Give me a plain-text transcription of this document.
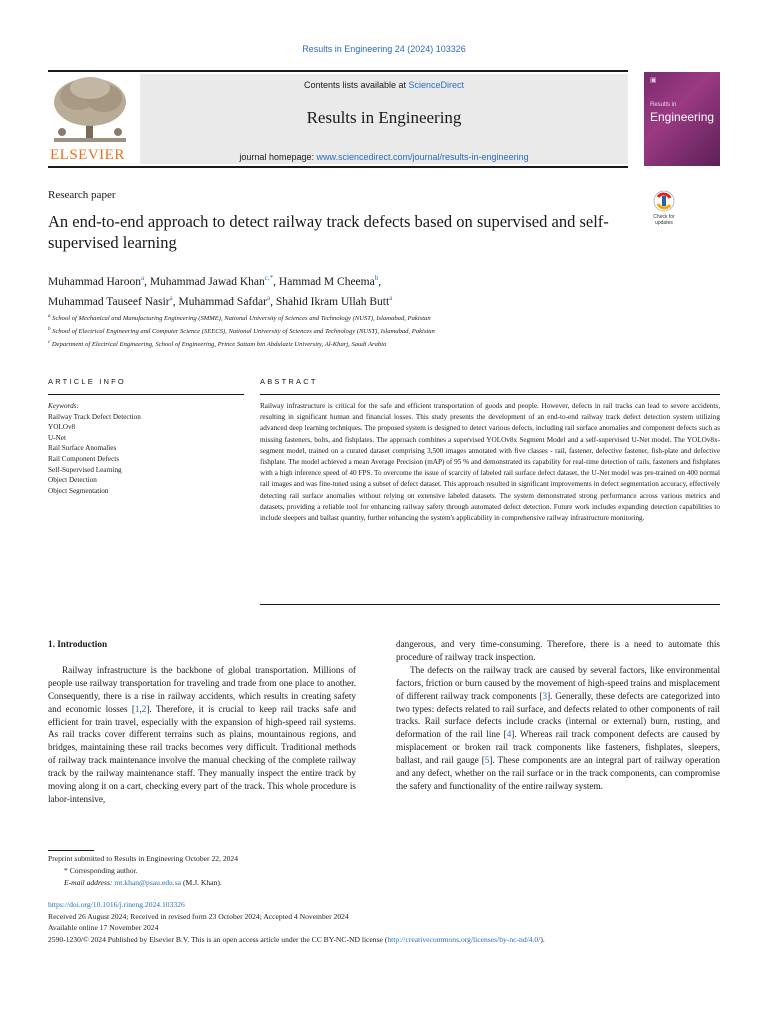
Results in Engineering 24 (2024) 103326
ELSEVIER
Contents lists available at ScienceDirect
Results in Engineering
journal homepage: www.sciencedirect.com/journal/results-in-engineering
▣
Results in
Engineering
Research paper
An end-to-end approach to detect railway track defects based on supervised and self-supervised learning
Check for updates
Muhammad Haroon$^a$, Muhammad Jawad Khan$^{c,*}$, Hammad M Cheema$^b$,
Muhammad Tauseef Nasir$^a$, Muhammad Safdar$^a$, Shahid Ikram Ullah Butt$^a$
$^a$ School of Mechanical and Manufacturing Engineering (SMME), National University of Sciences and Technology (NUST), Islamabad, Pakistan
$^b$ School of Electrical Engineering and Computer Science (SEECS), National University of Sciences and Technology (NUST), Islamabad, Pakistan
$^c$ Department of Electrical Engineering, School of Engineering, Prince Sattam bin Abdulaziz University, Al-Kharj, Saudi Arabia
ARTICLE INFO
Keywords:
Railway Track Defect Detection
YOLOv8
U-Net
Rail Surface Anomalies
Rail Component Defects
Self-Supervised Learning
Object Detection
Object Segmentation
ABSTRACT
Railway infrastructure is critical for the safe and efficient transportation of goods and people. However, defects in rail tracks can lead to severe accidents, resulting in significant human and financial losses. This study presents the development of an end-to-end railway track defect detection system utilizing advanced deep learning techniques. The proposed system is designed to detect various defects, including rail surface anomalies and component defects such as missing fasteners, bolts, and fishplates. The approach combines a supervised YOLOv8x Segment Model and a self-supervised U-Net model. The YOLOv8x-segment model, trained on a curated dataset comprising 3,500 images annotated with five classes - rail, fastener, defective fastener, fish-plate and defective fishplate. The model achieved a mean Average Precision (mAP) of 95 % and demonstrated its capability for real-time detection of rails, fasteners and fishplates with a high inference speed of 40 FPS. To overcome the issue of scarcity of labeled rail surface defect dataset, the U-Net model was pre-trained on 400 normal rail images and was fine-tuned using a subset of defect dataset. This approach resulted in significant improvements in defect segmentation accuracy, effectively detecting rail surface anomalies without relying on extensive labeled datasets. The system demonstrated strong performance across various metrics and datasets, providing a reliable tool for enhancing railway safety through automated defect detection. Future work includes expanding detection capabilities to include sleepers and ballast quantity, further enhancing the system's applicability in comprehensive railway infrastructure monitoring.
1. Introduction

Railway infrastructure is the backbone of global transportation. Millions of people use railway transportation for traveling and trade from one place to another. Consequently, there is a rise in railway accidents, which results in creating safety and economic losses [1,2]. Therefore, it is crucial to keep rail tracks safe and efficient for train travel, especially with the expansion of high-speed rail systems. As rail tracks cover different terrains such as plains, mountainous regions, and bridges, maintaining these rail tracks becomes very difficult. Traditional methods of railway track maintenance involve the manual checking of the complete railway track by the railway maintenance staff. They manually inspect the entire track by moving along it on a cart, checking every part of the track. This whole procedure is labor-intensive,

dangerous, and very time-consuming. Therefore, there is a need to automate this procedure of railway track inspection.

The defects on the railway track are caused by several factors, like environmental factors, friction or burn caused by the movement of high-speed trains and misplacement of different railway track components [3]. Generally, these defects are categorized into two types: defects related to rail surface, and defects related to other components of rail tracks. Rail surface defects include cracks (internal or external) burn, rusting, and deformation of the rail line [4]. Whereas rail track component defects are caused by misplacement or broken rail track components like fasteners, fishplates, sleepers, ballast, and rail gauge [5]. These components are an integral part of railway operation and any defect, whether on the rail surface or in the track components, can compromise the safety and functionality of the entire railway system.

Preprint submitted to Results in Engineering October 22, 2024
* Corresponding author.
E-mail address: mt.khan@psau.edu.sa (M.J. Khan).
https://doi.org/10.1016/j.rineng.2024.103326
Received 26 August 2024; Received in revised form 23 October 2024; Accepted 4 November 2024
Available online 17 November 2024
2590-1230/© 2024 Published by Elsevier B.V. This is an open access article under the CC BY-NC-ND license (http://creativecommons.org/licenses/by-nc-nd/4.0/).
